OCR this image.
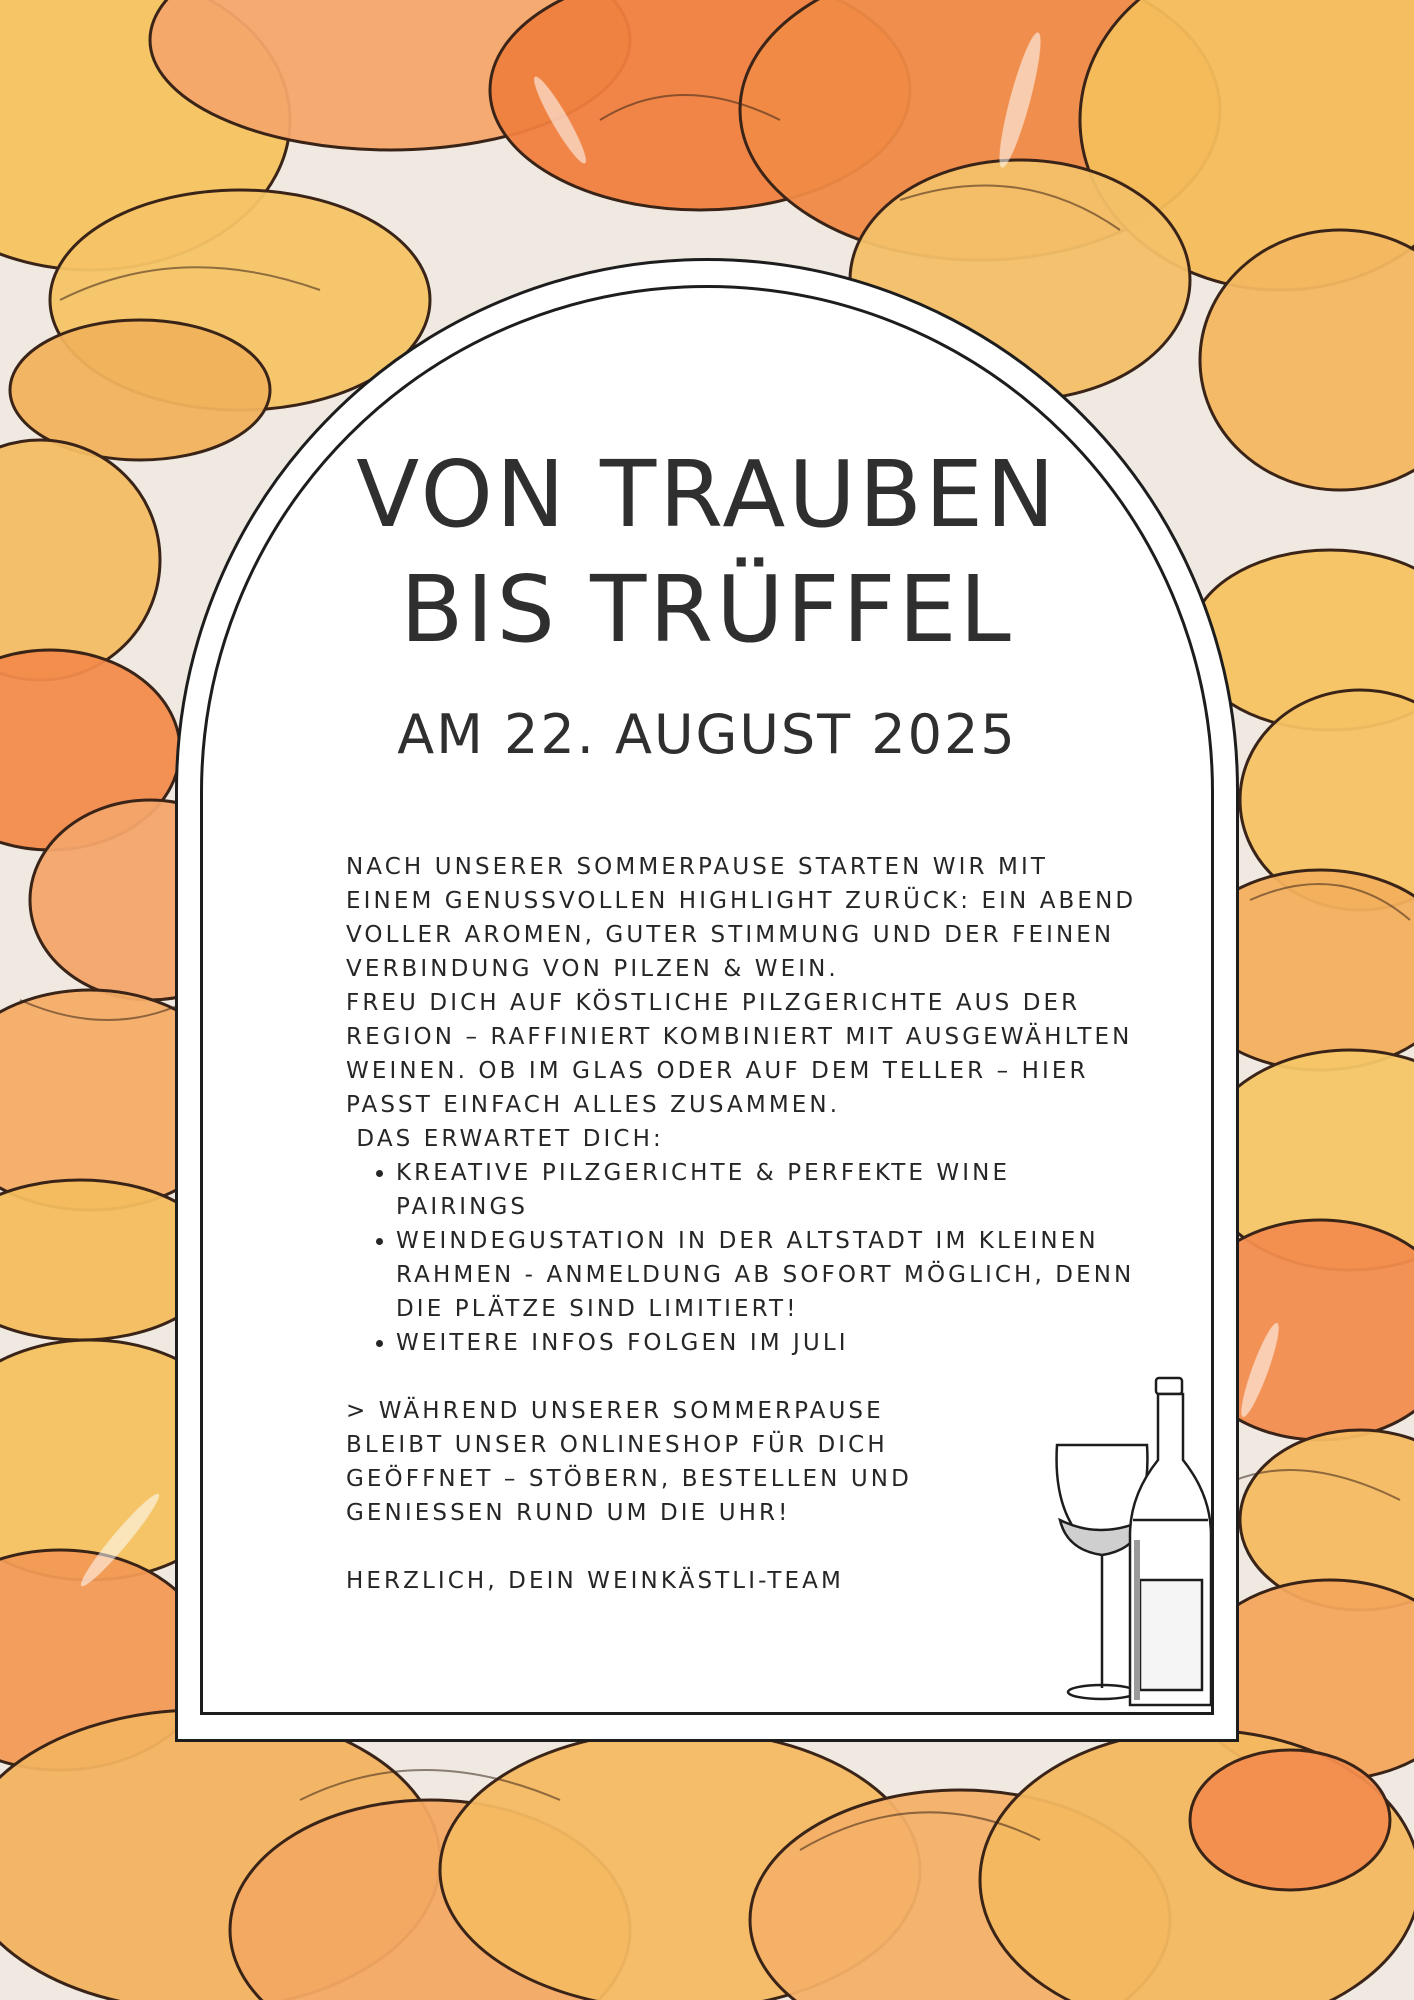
VON TRAUBEN
BIS TRÜFFEL
AM 22. AUGUST 2025

NACH UNSERER SOMMERPAUSE STARTEN WIR MIT EINEM GENUSSVOLLEN HIGHLIGHT ZURÜCK: EIN ABEND VOLLER AROMEN, GUTER STIMMUNG UND DER FEINEN VERBINDUNG VON PILZEN & WEIN.

FREU DICH AUF KÖSTLICHE PILZGERICHTE AUS DER REGION – RAFFINIERT KOMBINIERT MIT AUSGEWÄHLTEN WEINEN. OB IM GLAS ODER AUF DEM TELLER – HIER PASST EINFACH ALLES ZUSAMMEN.

DAS ERWARTET DICH:

• KREATIVE PILZGERICHTE & PERFEKTE WINE PAIRINGS
• WEINDEGUSTATION IN DER ALTSTADT IM KLEINEN RAHMEN - ANMELDUNG AB SOFORT MÖGLICH, DENN DIE PLÄTZE SIND LIMITIERT!
• WEITERE INFOS FOLGEN IM JULI

> WÄHREND UNSERER SOMMERPAUSE BLEIBT UNSER ONLINESHOP FÜR DICH GEÖFFNET – STÖBERN, BESTELLEN UND GENIESSEN RUND UM DIE UHR!

HERZLICH, DEIN WEINKÄSTLI-TEAM
